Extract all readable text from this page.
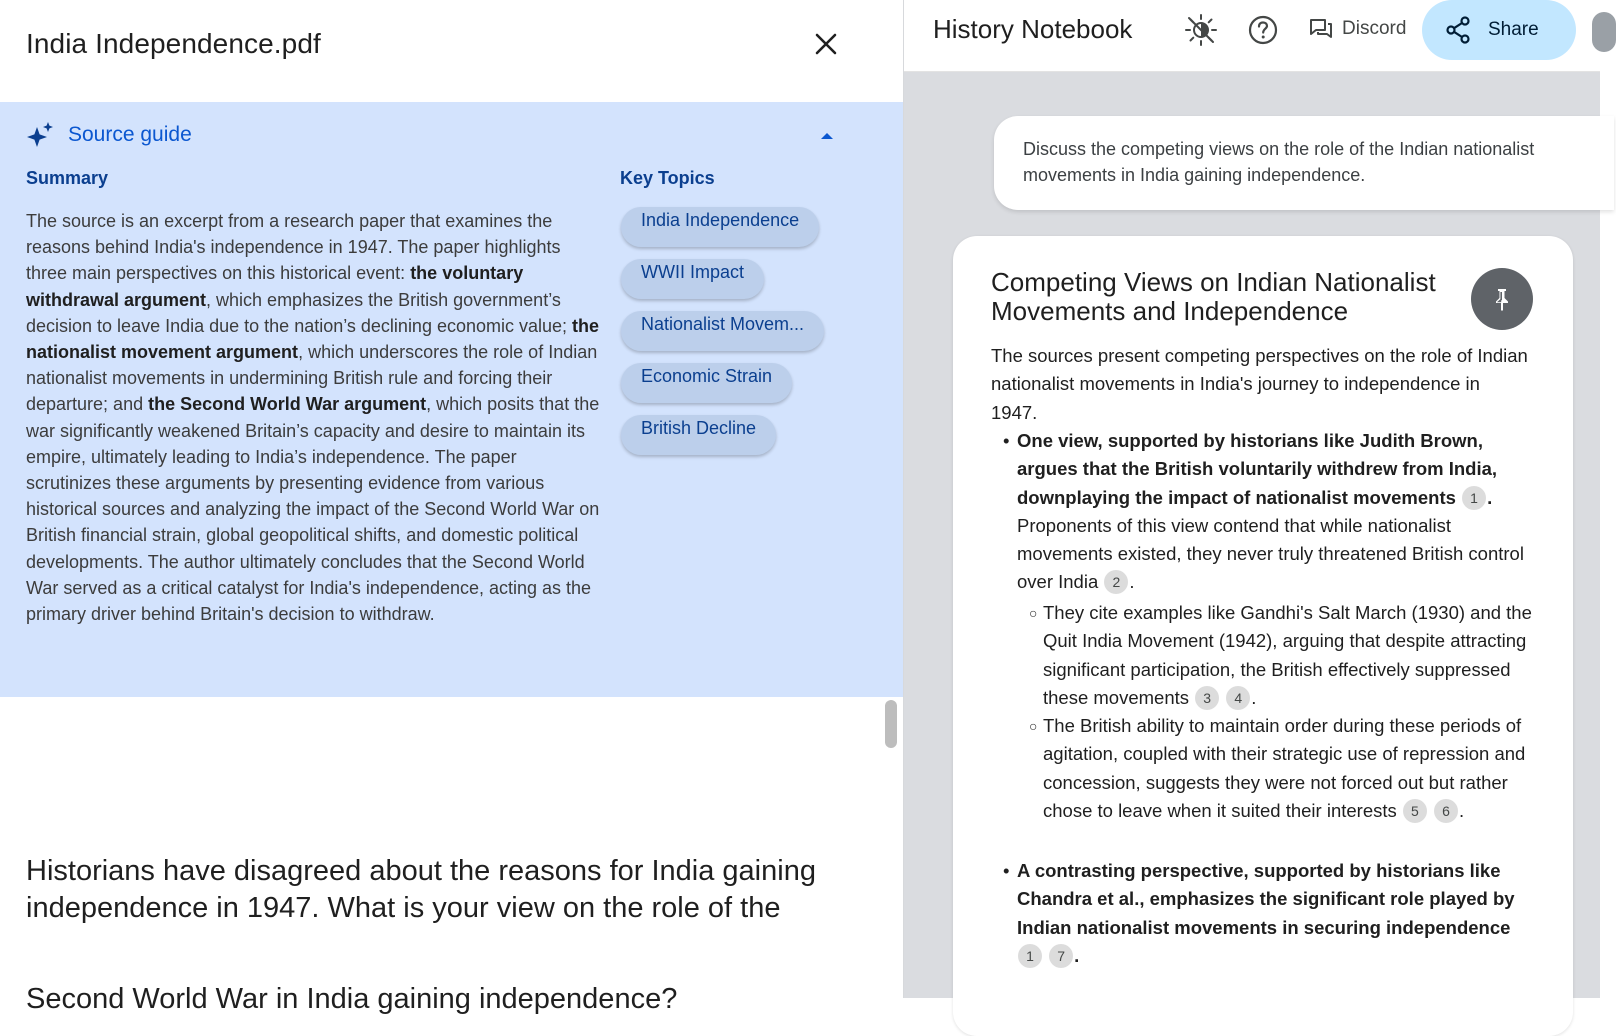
India Independence.pdf
Source guide
Summary
The source is an excerpt from a research paper that examines the reasons behind India's independence in 1947. The paper highlights three main perspectives on this historical event: the voluntary withdrawal argument, which emphasizes the British government’s decision to leave India due to the nation’s declining economic value; the nationalist movement argument, which underscores the role of Indian nationalist movements in undermining British rule and forcing their departure; and the Second World War argument, which posits that the war significantly weakened Britain’s capacity and desire to maintain its empire, ultimately leading to India’s independence. The paper scrutinizes these arguments by presenting evidence from various historical sources and analyzing the impact of the Second World War on British financial strain, global geopolitical shifts, and domestic political developments. The author ultimately concludes that the Second World War served as a critical catalyst for India's independence, acting as the primary driver behind Britain's decision to withdraw.
Key Topics
India Independence
WWII Impact
Nationalist Movem...
Economic Strain
British Decline
Historians have disagreed about the reasons for India gaining independence in 1947. What is your view on the role of the
Second World War in India gaining independence?
History Notebook	Discord	Share
Discuss the competing views on the role of the Indian nationalist movements in India gaining independence.
Competing Views on Indian Nationalist Movements and Independence
The sources present competing perspectives on the role of Indian nationalist movements in India's journey to independence in 1947.
• One view, supported by historians like Judith Brown, argues that the British voluntarily withdrew from India, downplaying the impact of nationalist movements 1 . Proponents of this view contend that while nationalist movements existed, they never truly threatened British control over India 2 .
○ They cite examples like Gandhi's Salt March (1930) and the Quit India Movement (1942), arguing that despite attracting significant participation, the British effectively suppressed these movements 3 4 .
○ The British ability to maintain order during these periods of agitation, coupled with their strategic use of repression and concession, suggests they were not forced out but rather chose to leave when it suited their interests 5 6 .
• A contrasting perspective, supported by historians like Chandra et al., emphasizes the significant role played by Indian nationalist movements in securing independence 1 7 .
